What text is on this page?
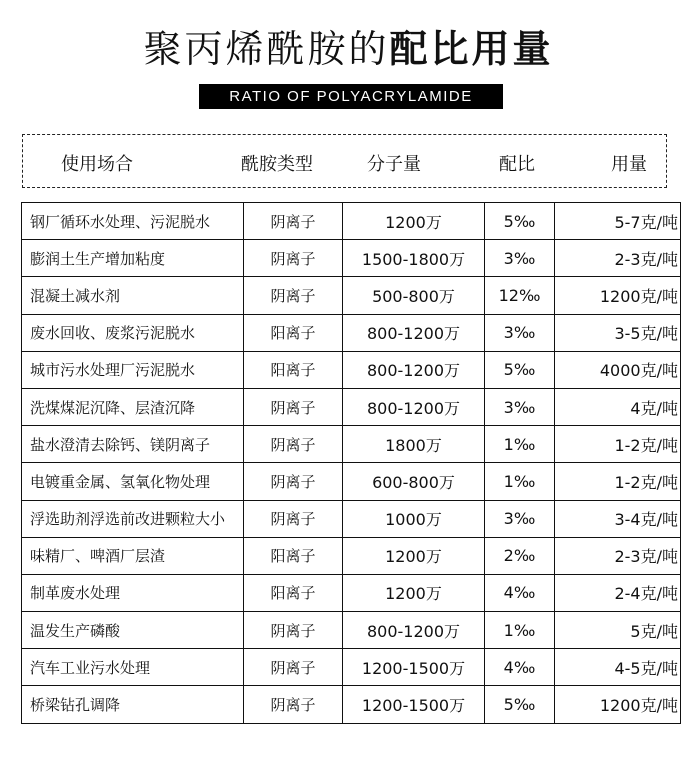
聚丙烯酰胺的配比用量
RATIO OF POLYACRYLAMIDE
使用场合	酰胺类型	分子量	配比	用量
钢厂循环水处理、污泥脱水	阴离子	1200万	5‰	5-7克/吨
膨润土生产增加粘度	阴离子	1500-1800万	3‰	2-3克/吨
混凝土减水剂	阴离子	500-800万	12‰	1200克/吨
废水回收、废浆污泥脱水	阳离子	800-1200万	3‰	3-5克/吨
城市污水处理厂污泥脱水	阳离子	800-1200万	5‰	4000克/吨
洗煤煤泥沉降、层渣沉降	阴离子	800-1200万	3‰	4克/吨
盐水澄清去除钙、镁阴离子	阴离子	1800万	1‰	1-2克/吨
电镀重金属、氢氧化物处理	阴离子	600-800万	1‰	1-2克/吨
浮选助剂浮选前改进颗粒大小	阴离子	1000万	3‰	3-4克/吨
味精厂、啤酒厂层渣	阳离子	1200万	2‰	2-3克/吨
制革废水处理	阳离子	1200万	4‰	2-4克/吨
温发生产磷酸	阴离子	800-1200万	1‰	5克/吨
汽车工业污水处理	阴离子	1200-1500万	4‰	4-5克/吨
桥梁钻孔调降	阴离子	1200-1500万	5‰	1200克/吨
